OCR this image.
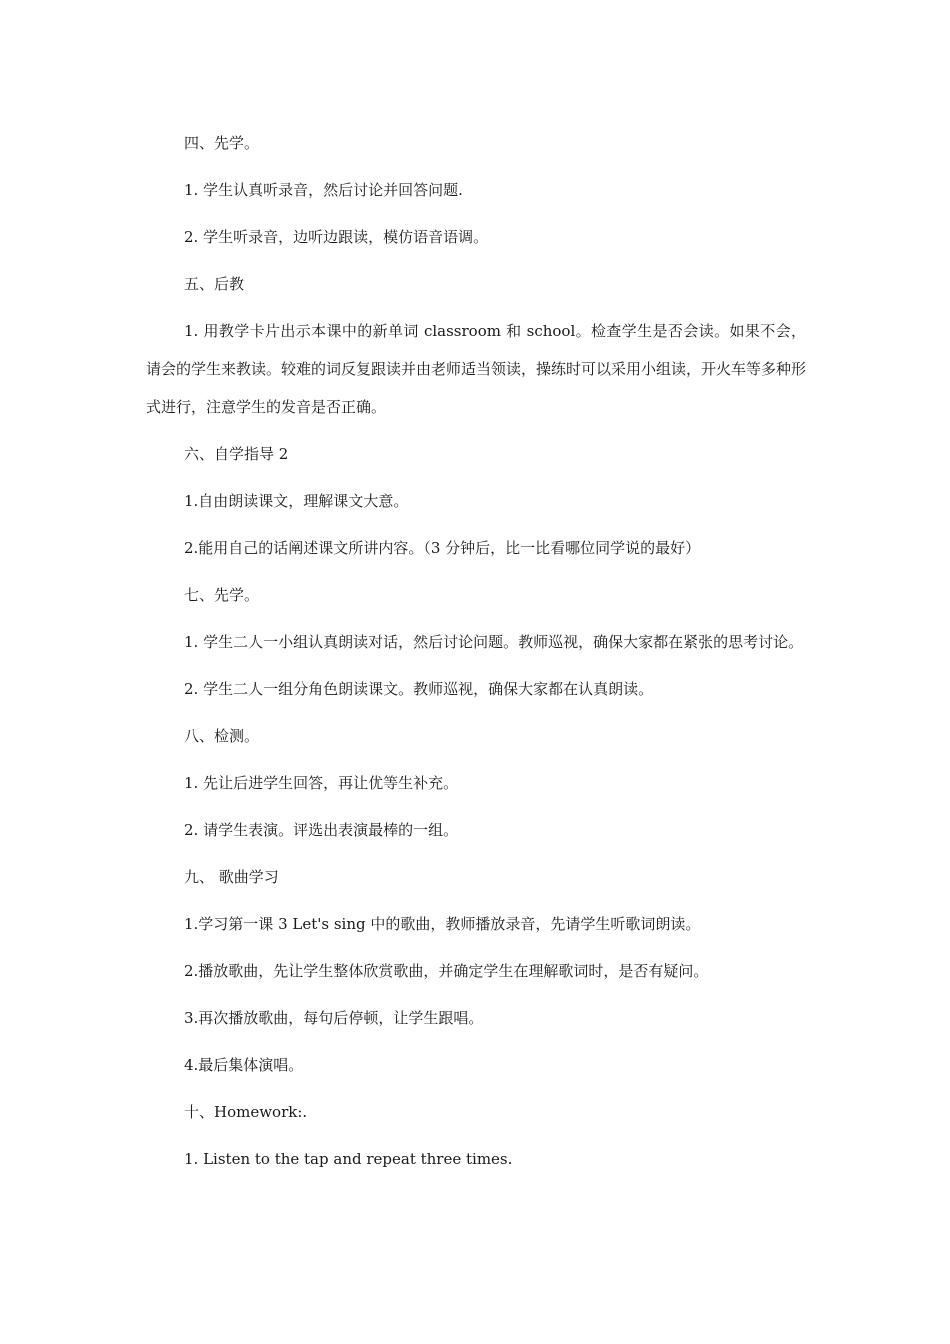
四、先学。

1. 学生认真听录音，然后讨论并回答问题.

2. 学生听录音，边听边跟读，模仿语音语调。

五、后教

1. 用教学卡片出示本课中的新单词 classroom 和 school。检查学生是否会读。如果不会，请会的学生来教读。较难的词反复跟读并由老师适当领读，操练时可以采用小组读，开火车等多种形式进行，注意学生的发音是否正确。

六、自学指导 2

1.自由朗读课文，理解课文大意。

2.能用自己的话阐述课文所讲内容。（3 分钟后，比一比看哪位同学说的最好）

七、先学。

1. 学生二人一小组认真朗读对话，然后讨论问题。教师巡视，确保大家都在紧张的思考讨论。

2. 学生二人一组分角色朗读课文。教师巡视，确保大家都在认真朗读。

八、检测。

1. 先让后进学生回答，再让优等生补充。

2. 请学生表演。评选出表演最棒的一组。

九、 歌曲学习

1.学习第一课 3 Let's sing 中的歌曲，教师播放录音，先请学生听歌词朗读。

2.播放歌曲，先让学生整体欣赏歌曲，并确定学生在理解歌词时，是否有疑问。

3.再次播放歌曲，每句后停顿，让学生跟唱。

4.最后集体演唱。

十、Homework:.

1. Listen to the tap and repeat three times.
